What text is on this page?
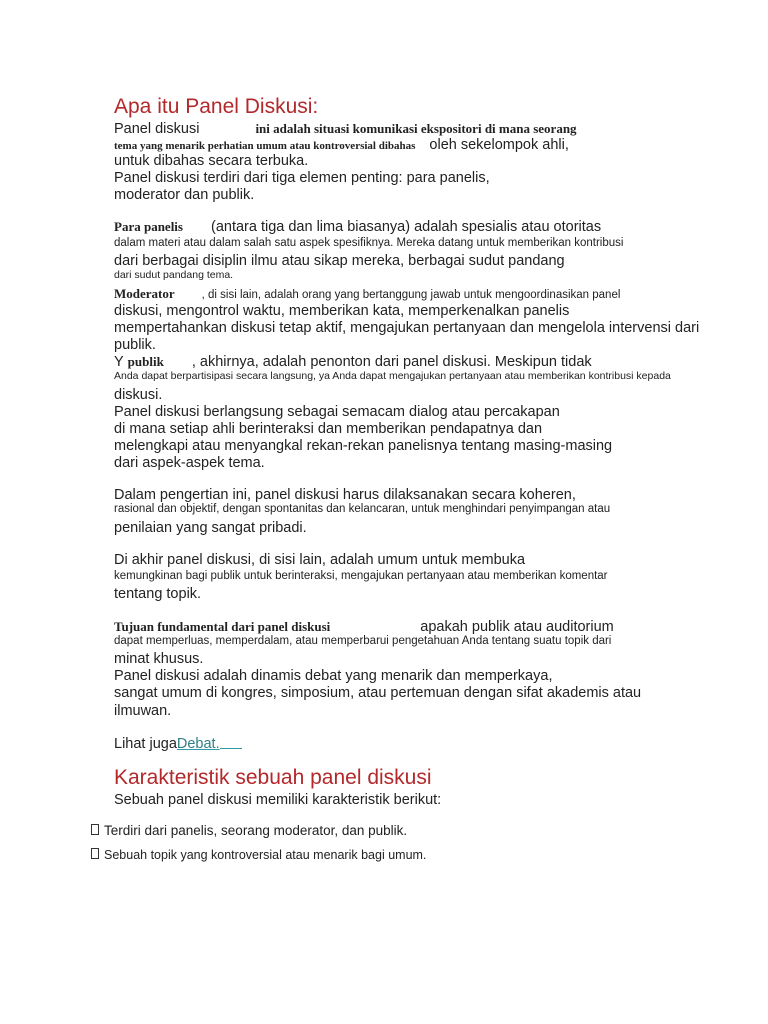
Apa itu Panel Diskusi:
Panel diskusi	ini adalah situasi komunikasi ekspositori di mana seorang
tema yang menarik perhatian umum atau kontroversial dibahas oleh sekelompok ahli,
untuk dibahas secara terbuka.
Panel diskusi terdiri dari tiga elemen penting: para panelis,
moderator dan publik.
Para panelis (antara tiga dan lima biasanya) adalah spesialis atau otoritas
dalam materi atau dalam salah satu aspek spesifiknya. Mereka datang untuk memberikan kontribusi
dari berbagai disiplin ilmu atau sikap mereka, berbagai sudut pandang
dari sudut pandang tema.
Moderator , di sisi lain, adalah orang yang bertanggung jawab untuk mengoordinasikan panel
diskusi, mengontrol waktu, memberikan kata, memperkenalkan panelis
mempertahankan diskusi tetap aktif, mengajukan pertanyaan dan mengelola intervensi dari
publik.
Y publik , akhirnya, adalah penonton dari panel diskusi. Meskipun tidak
Anda dapat berpartisipasi secara langsung, ya Anda dapat mengajukan pertanyaan atau memberikan kontribusi kepada
diskusi.
Panel diskusi berlangsung sebagai semacam dialog atau percakapan
di mana setiap ahli berinteraksi dan memberikan pendapatnya dan
melengkapi atau menyangkal rekan-rekan panelisnya tentang masing-masing
dari aspek-aspek tema.
Dalam pengertian ini, panel diskusi harus dilaksanakan secara koheren,
rasional dan objektif, dengan spontanitas dan kelancaran, untuk menghindari penyimpangan atau
penilaian yang sangat pribadi.
Di akhir panel diskusi, di sisi lain, adalah umum untuk membuka
kemungkinan bagi publik untuk berinteraksi, mengajukan pertanyaan atau memberikan komentar
tentang topik.
Tujuan fundamental dari panel diskusi	apakah publik atau auditorium
dapat memperluas, memperdalam, atau memperbarui pengetahuan Anda tentang suatu topik dari
minat khusus.
Panel diskusi adalah dinamis debat yang menarik dan memperkaya,
sangat umum di kongres, simposium, atau pertemuan dengan sifat akademis atau
ilmuwan.
Lihat jugaDebat.
Karakteristik sebuah panel diskusi
Sebuah panel diskusi memiliki karakteristik berikut:
Terdiri dari panelis, seorang moderator, dan publik.
Sebuah topik yang kontroversial atau menarik bagi umum.
